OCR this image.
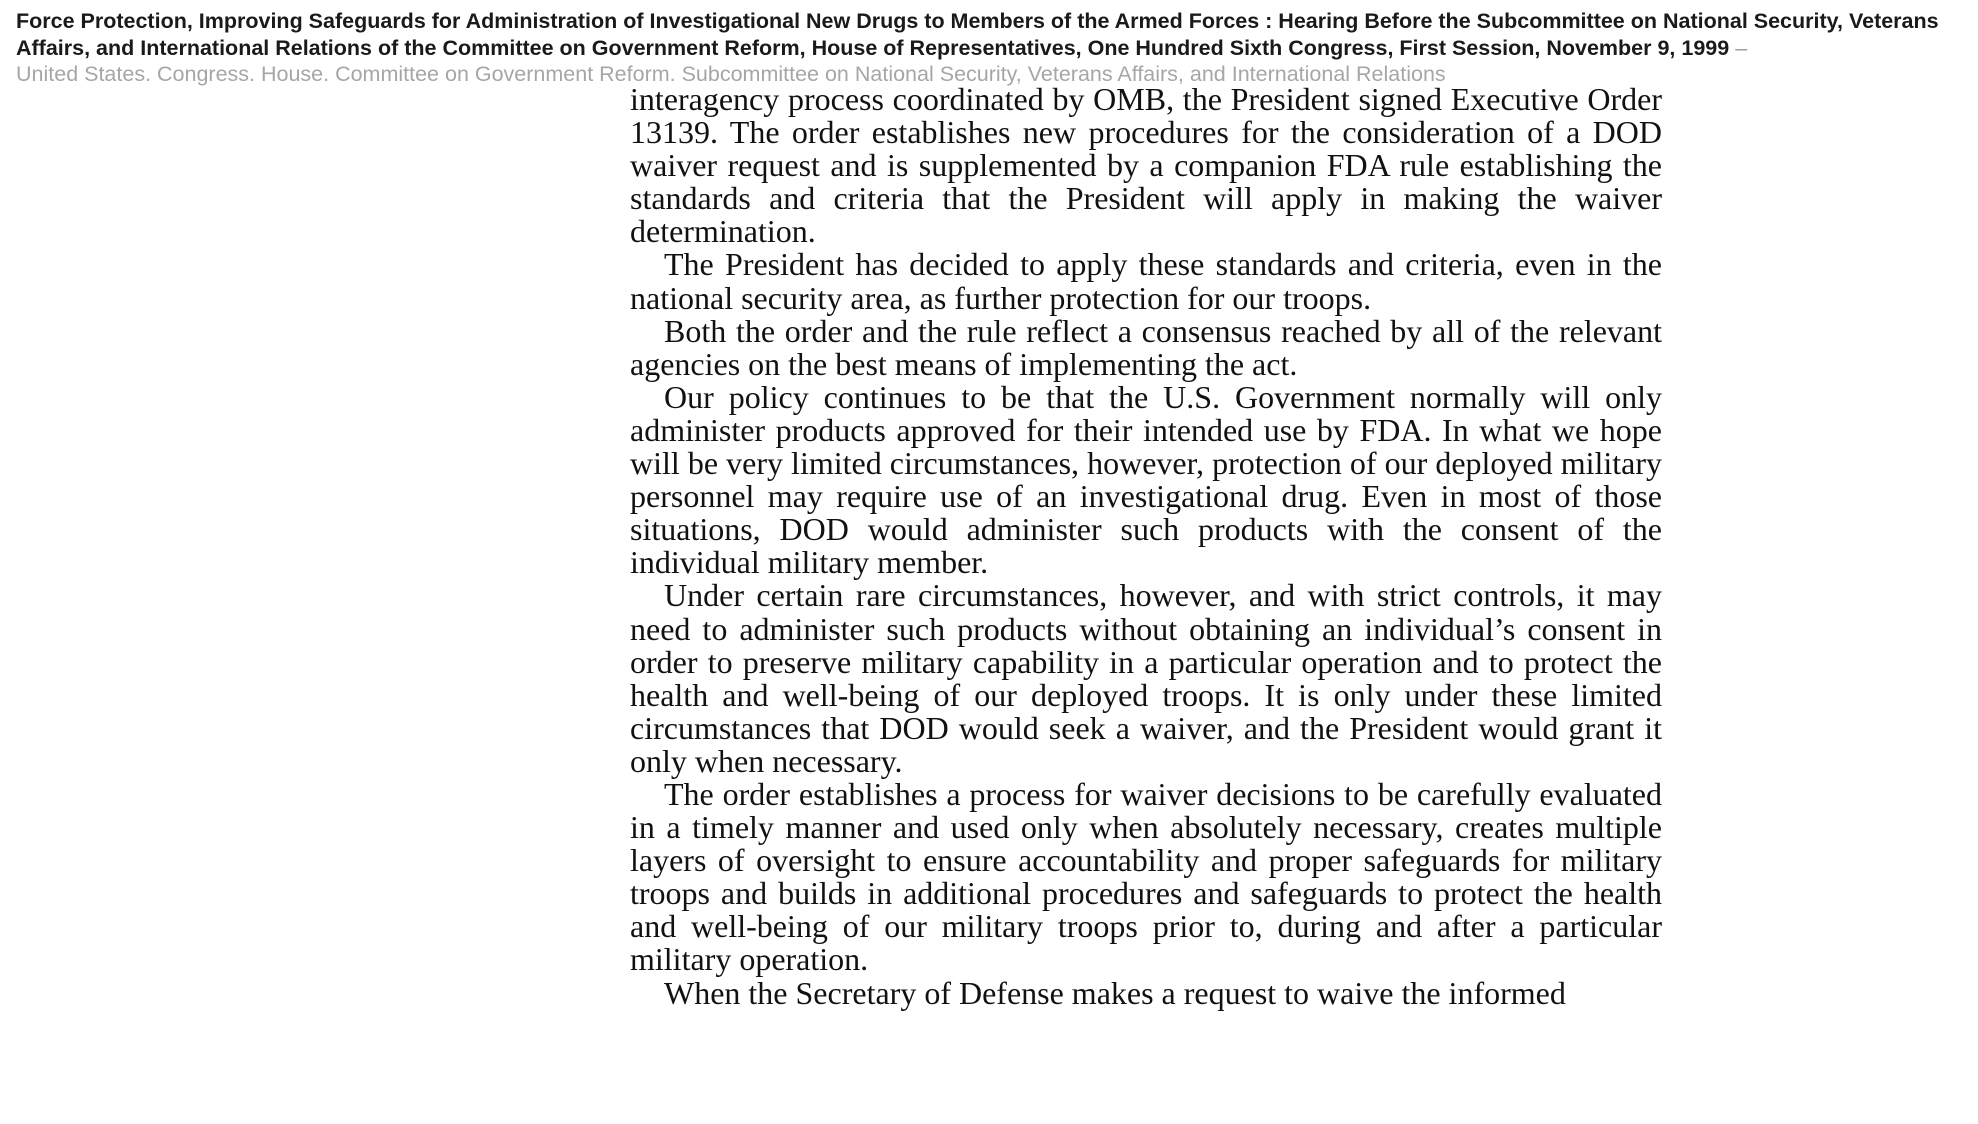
Force Protection, Improving Safeguards for Administration of Investigational New Drugs to Members of the Armed Forces : Hearing Before the Subcommittee on National Security, Veterans Affairs, and International Relations of the Committee on Government Reform, House of Representatives, One Hundred Sixth Congress, First Session, November 9, 1999 –

United States. Congress. House. Committee on Government Reform. Subcommittee on National Security, Veterans Affairs, and International Relations

interagency process coordinated by OMB, the President signed Executive Order 13139. The order establishes new procedures for the consideration of a DOD waiver request and is supplemented by a companion FDA rule establishing the standards and criteria that the President will apply in making the waiver determination.

The President has decided to apply these standards and criteria, even in the national security area, as further protection for our troops.

Both the order and the rule reflect a consensus reached by all of the relevant agencies on the best means of implementing the act.

Our policy continues to be that the U.S. Government normally will only administer products approved for their intended use by FDA. In what we hope will be very limited circumstances, however, protection of our deployed military personnel may require use of an investigational drug. Even in most of those situations, DOD would administer such products with the consent of the individual military member.

Under certain rare circumstances, however, and with strict controls, it may need to administer such products without obtaining an individual’s consent in order to preserve military capability in a particular operation and to protect the health and well-being of our deployed troops. It is only under these limited circumstances that DOD would seek a waiver, and the President would grant it only when necessary.

The order establishes a process for waiver decisions to be carefully evaluated in a timely manner and used only when absolutely necessary, creates multiple layers of oversight to ensure accountability and proper safeguards for military troops and builds in additional procedures and safeguards to protect the health and well-being of our military troops prior to, during and after a particular military operation.

When the Secretary of Defense makes a request to waive the informed
